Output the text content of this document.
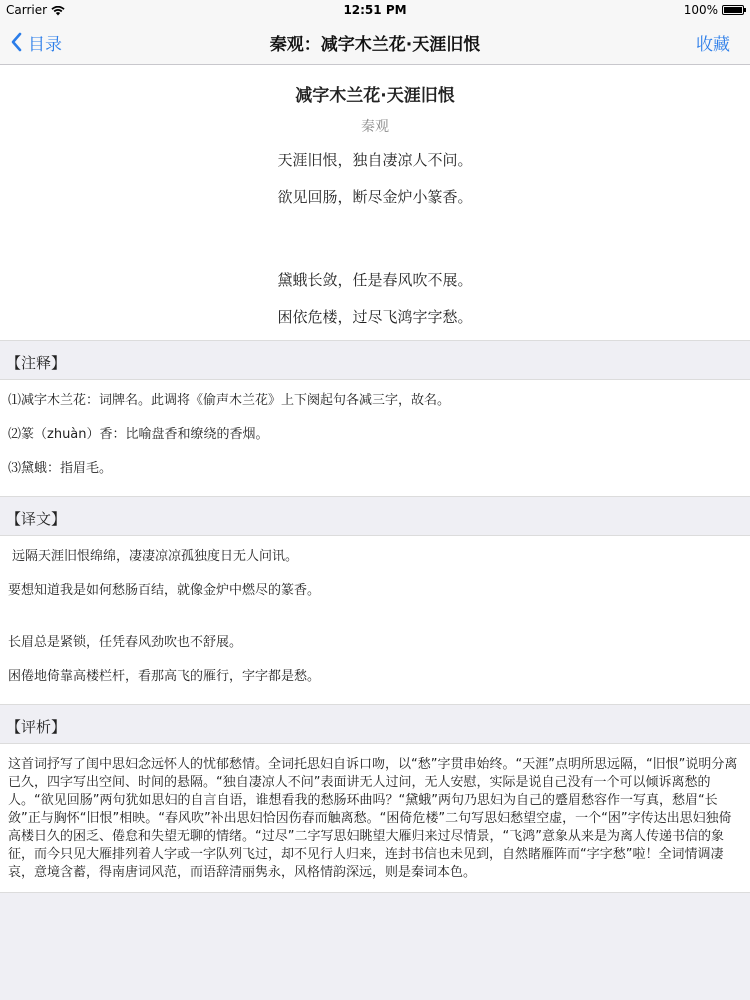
Carrier	12:51 PM	100%
目录	秦观：减字木兰花·天涯旧恨	收藏
减字木兰花·天涯旧恨
秦观
天涯旧恨，独自凄凉人不问。
欲见回肠，断尽金炉小篆香。
黛蛾长敛，任是春风吹不展。
困依危楼，过尽飞鸿字字愁。
【注释】
⑴减字木兰花：词牌名。此调将《偷声木兰花》上下阕起句各减三字，故名。
⑵篆（zhuàn）香：比喻盘香和缭绕的香烟。
⑶黛蛾：指眉毛。
【译文】
远隔天涯旧恨绵绵，凄凄凉凉孤独度日无人问讯。
要想知道我是如何愁肠百结，就像金炉中燃尽的篆香。
长眉总是紧锁，任凭春风劲吹也不舒展。
困倦地倚靠高楼栏杆，看那高飞的雁行，字字都是愁。
【评析】
这首词抒写了闺中思妇念远怀人的忧郁愁情。全词托思妇自诉口吻，以“愁”字贯串始终。“天涯”点明所思远隔，“旧恨”说明分离已久，四字写出空间、时间的悬隔。“独自凄凉人不问”表面讲无人过问，无人安慰，实际是说自己没有一个可以倾诉离愁的人。“欲见回肠”两句犹如思妇的自言自语，谁想看我的愁肠环曲吗？“黛蛾”两句乃思妇为自己的蹙眉愁容作一写真，愁眉“长敛”正与胸怀“旧恨”相映。“春风吹”补出思妇恰因伤春而触离愁。“困倚危楼”二句写思妇愁望空虚，一个“困”字传达出思妇独倚高楼日久的困乏、倦怠和失望无聊的情绪。“过尽”二字写思妇眺望大雁归来过尽情景，“飞鸿”意象从来是为离人传递书信的象征，而今只见大雁排列着人字或一字队列飞过，却不见行人归来，连封书信也未见到，自然睹雁阵而“字字愁”啦！全词情调凄哀，意境含蓄，得南唐词风范，而语辞清丽隽永，风格情韵深远，则是秦词本色。
